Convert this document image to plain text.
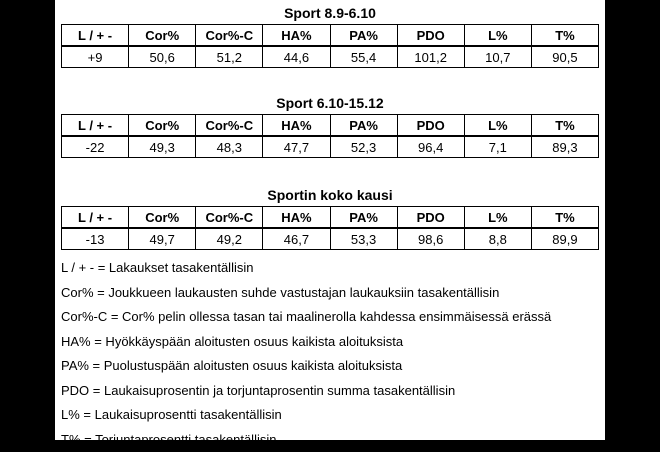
Sport 8.9-6.10
L / + -	Cor%	Cor%-C	HA%	PA%	PDO	L%	T%
+9	50,6	51,2	44,6	55,4	101,2	10,7	90,5
Sport 6.10-15.12
L / + -	Cor%	Cor%-C	HA%	PA%	PDO	L%	T%
-22	49,3	48,3	47,7	52,3	96,4	7,1	89,3
Sportin koko kausi
L / + -	Cor%	Cor%-C	HA%	PA%	PDO	L%	T%
-13	49,7	49,2	46,7	53,3	98,6	8,8	89,9
L / + - = Lakaukset tasakentällisin
Cor% = Joukkueen laukausten suhde vastustajan laukauksiin tasakentällisin
Cor%-C = Cor% pelin ollessa tasan tai maalinerolla kahdessa ensimmäisessä erässä
HA% = Hyökkäyspään aloitusten osuus kaikista aloituksista
PA% = Puolustuspään aloitusten osuus kaikista aloituksista
PDO = Laukaisuprosentin ja torjuntaprosentin summa tasakentällisin
L% = Laukaisuprosentti tasakentällisin
T% = Torjuntaprosentti tasakentällisin
